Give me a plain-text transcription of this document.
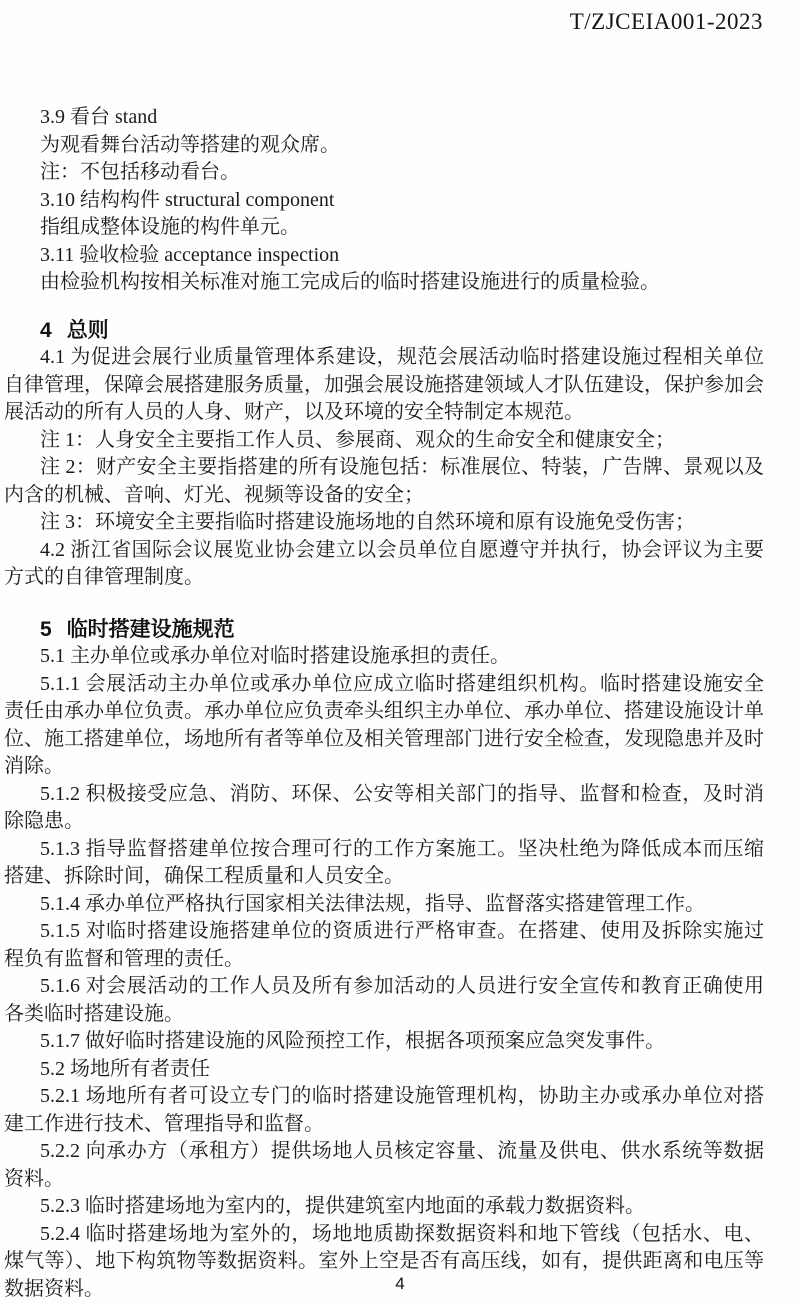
T/ZJCEIA001-2023
3.9 看台 stand
为观看舞台活动等搭建的观众席。
注：不包括移动看台。
3.10 结构构件 structural component
指组成整体设施的构件单元。
3.11 验收检验 acceptance inspection
由检验机构按相关标准对施工完成后的临时搭建设施进行的质量检验。
4 总则
4.1 为促进会展行业质量管理体系建设，规范会展活动临时搭建设施过程相关单位自律管理，保障会展搭建服务质量，加强会展设施搭建领域人才队伍建设，保护参加会展活动的所有人员的人身、财产，以及环境的安全特制定本规范。
注 1：人身安全主要指工作人员、参展商、观众的生命安全和健康安全；
注 2：财产安全主要指搭建的所有设施包括：标准展位、特装，广告牌、景观以及内含的机械、音响、灯光、视频等设备的安全；
注 3：环境安全主要指临时搭建设施场地的自然环境和原有设施免受伤害；
4.2 浙江省国际会议展览业协会建立以会员单位自愿遵守并执行，协会评议为主要方式的自律管理制度。
5 临时搭建设施规范
5.1 主办单位或承办单位对临时搭建设施承担的责任。
5.1.1 会展活动主办单位或承办单位应成立临时搭建组织机构。临时搭建设施安全责任由承办单位负责。承办单位应负责牵头组织主办单位、承办单位、搭建设施设计单位、施工搭建单位，场地所有者等单位及相关管理部门进行安全检查，发现隐患并及时消除。
5.1.2 积极接受应急、消防、环保、公安等相关部门的指导、监督和检查，及时消除隐患。
5.1.3 指导监督搭建单位按合理可行的工作方案施工。坚决杜绝为降低成本而压缩搭建、拆除时间，确保工程质量和人员安全。
5.1.4 承办单位严格执行国家相关法律法规，指导、监督落实搭建管理工作。
5.1.5 对临时搭建设施搭建单位的资质进行严格审查。在搭建、使用及拆除实施过程负有监督和管理的责任。
5.1.6 对会展活动的工作人员及所有参加活动的人员进行安全宣传和教育正确使用各类临时搭建设施。
5.1.7 做好临时搭建设施的风险预控工作，根据各项预案应急突发事件。
5.2 场地所有者责任
5.2.1 场地所有者可设立专门的临时搭建设施管理机构，协助主办或承办单位对搭建工作进行技术、管理指导和监督。
5.2.2 向承办方（承租方）提供场地人员核定容量、流量及供电、供水系统等数据资料。
5.2.3 临时搭建场地为室内的，提供建筑室内地面的承载力数据资料。
5.2.4 临时搭建场地为室外的，场地地质勘探数据资料和地下管线（包括水、电、煤气等）、地下构筑物等数据资料。室外上空是否有高压线，如有，提供距离和电压等数据资料。	4
